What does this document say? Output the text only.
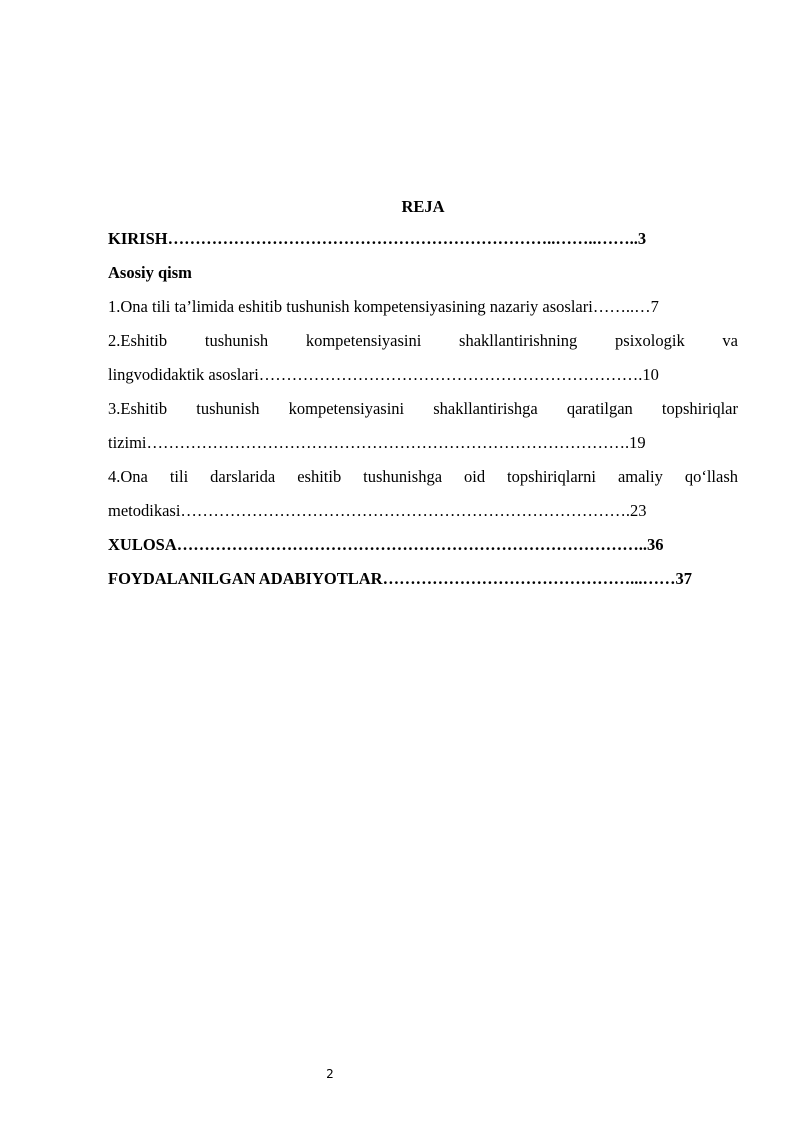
REJA
KIRISH……………………………………………………………..……..……..3
Asosiy qism
1.Ona tili ta’limida eshitib tushunish kompetensiyasining nazariy asoslari……..…7
2.Eshitib tushunish kompetensiyasini shakllantirishning psixologik va
lingvodidaktik asoslari…………………………………………………………….10
3.Eshitib tushunish kompetensiyasini shakllantirishga qaratilgan topshiriqlar
tizimi…………………………………………………………………………….19
4.Ona tili darslarida eshitib tushunishga oid topshiriqlarni amaliy qo‘llash
metodikasi……………………………………………………………………….23
XULOSA…………………………………………………………………………..36
FOYDALANILGAN ADABIYOTLAR………………………………………...……37
2
